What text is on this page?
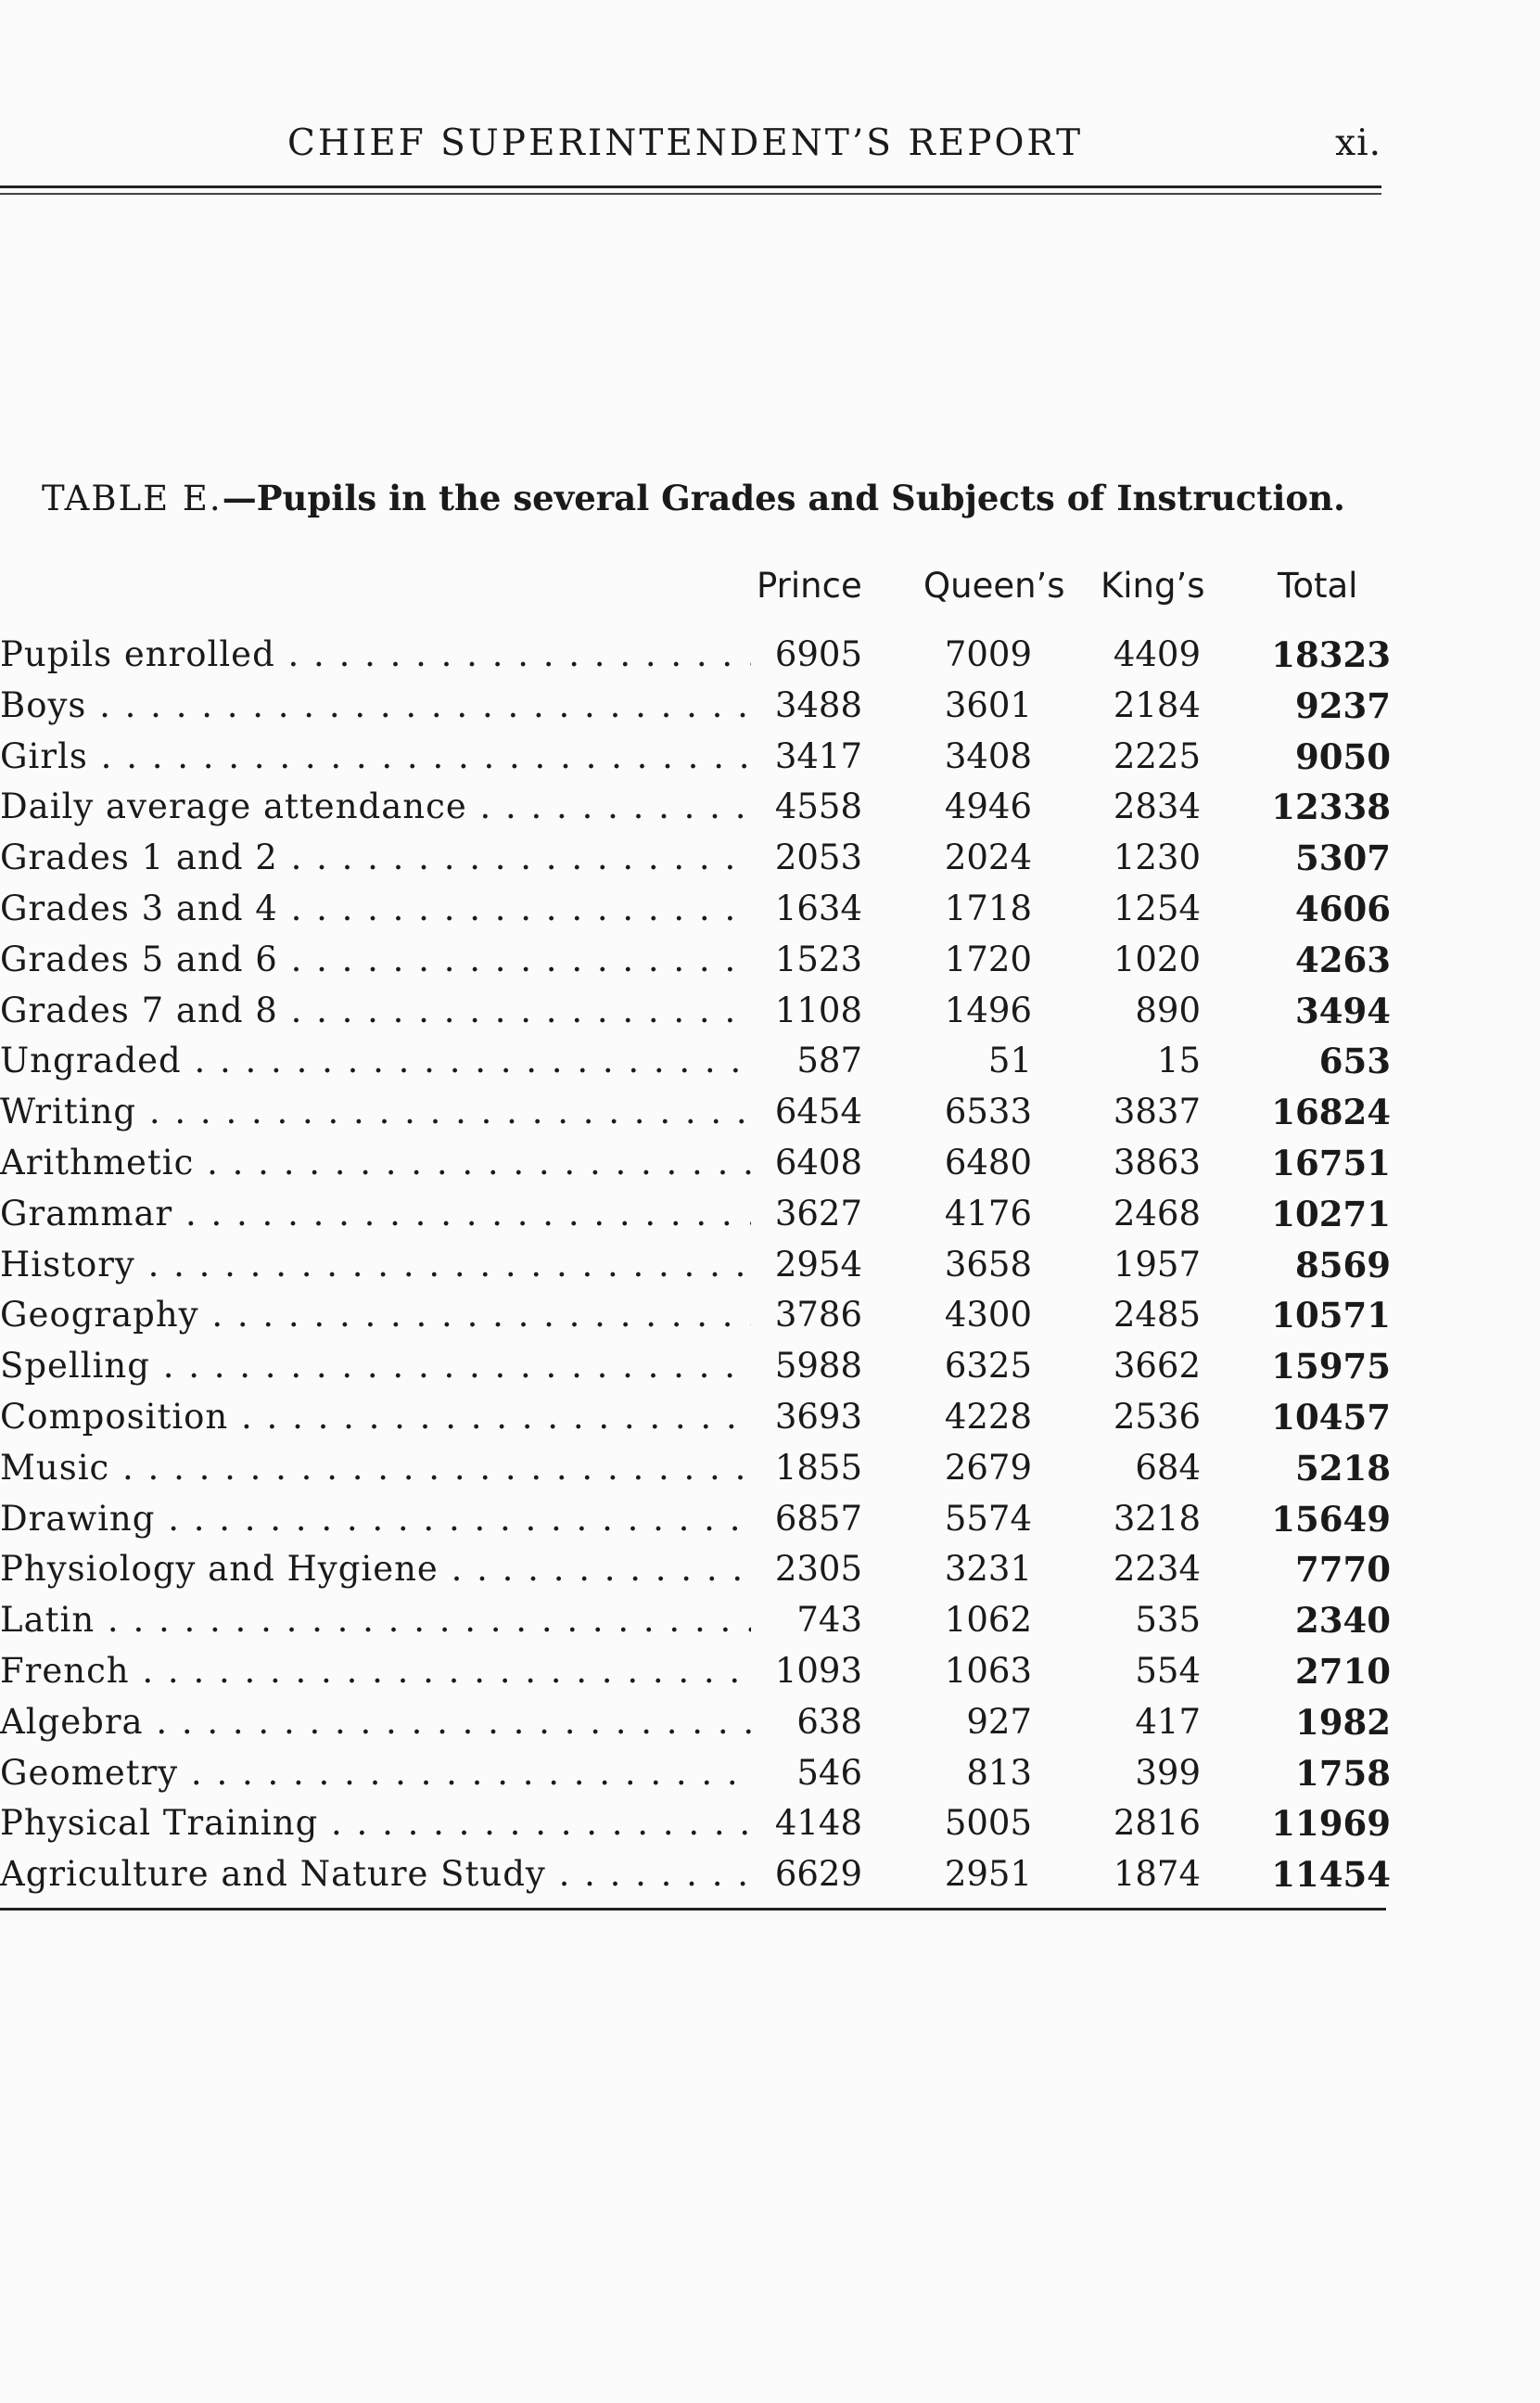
CHIEF SUPERINTENDENT’S REPORT	xi.
TABLE E.—Pupils in the several Grades and Subjects of Instruction.
Prince Queen’s King’s Total
Pupils enrolled . . .	6905	7009	4409	18323
Boys . . .	3488	3601	2184	9237
Girls . . .	3417	3408	2225	9050
Daily average attendance . . .	4558	4946	2834	12338
Grades 1 and 2 . . .	2053	2024	1230	5307
Grades 3 and 4 . . .	1634	1718	1254	4606
Grades 5 and 6 . . .	1523	1720	1020	4263
Grades 7 and 8 . . .	1108	1496	890	3494
Ungraded . . .	587	51	15	653
Writing . . .	6454	6533	3837	16824
Arithmetic . . .	6408	6480	3863	16751
Grammar . . .	3627	4176	2468	10271
History . . .	2954	3658	1957	8569
Geography . . .	3786	4300	2485	10571
Spelling . . .	5988	6325	3662	15975
Composition . . .	3693	4228	2536	10457
Music . . .	1855	2679	684	5218
Drawing . . .	6857	5574	3218	15649
Physiology and Hygiene . . .	2305	3231	2234	7770
Latin . . .	743	1062	535	2340
French . . .	1093	1063	554	2710
Algebra . . .	638	927	417	1982
Geometry . . .	546	813	399	1758
Physical Training . . .	4148	5005	2816	11969
Agriculture and Nature Study . . .	6629	2951	1874	11454
